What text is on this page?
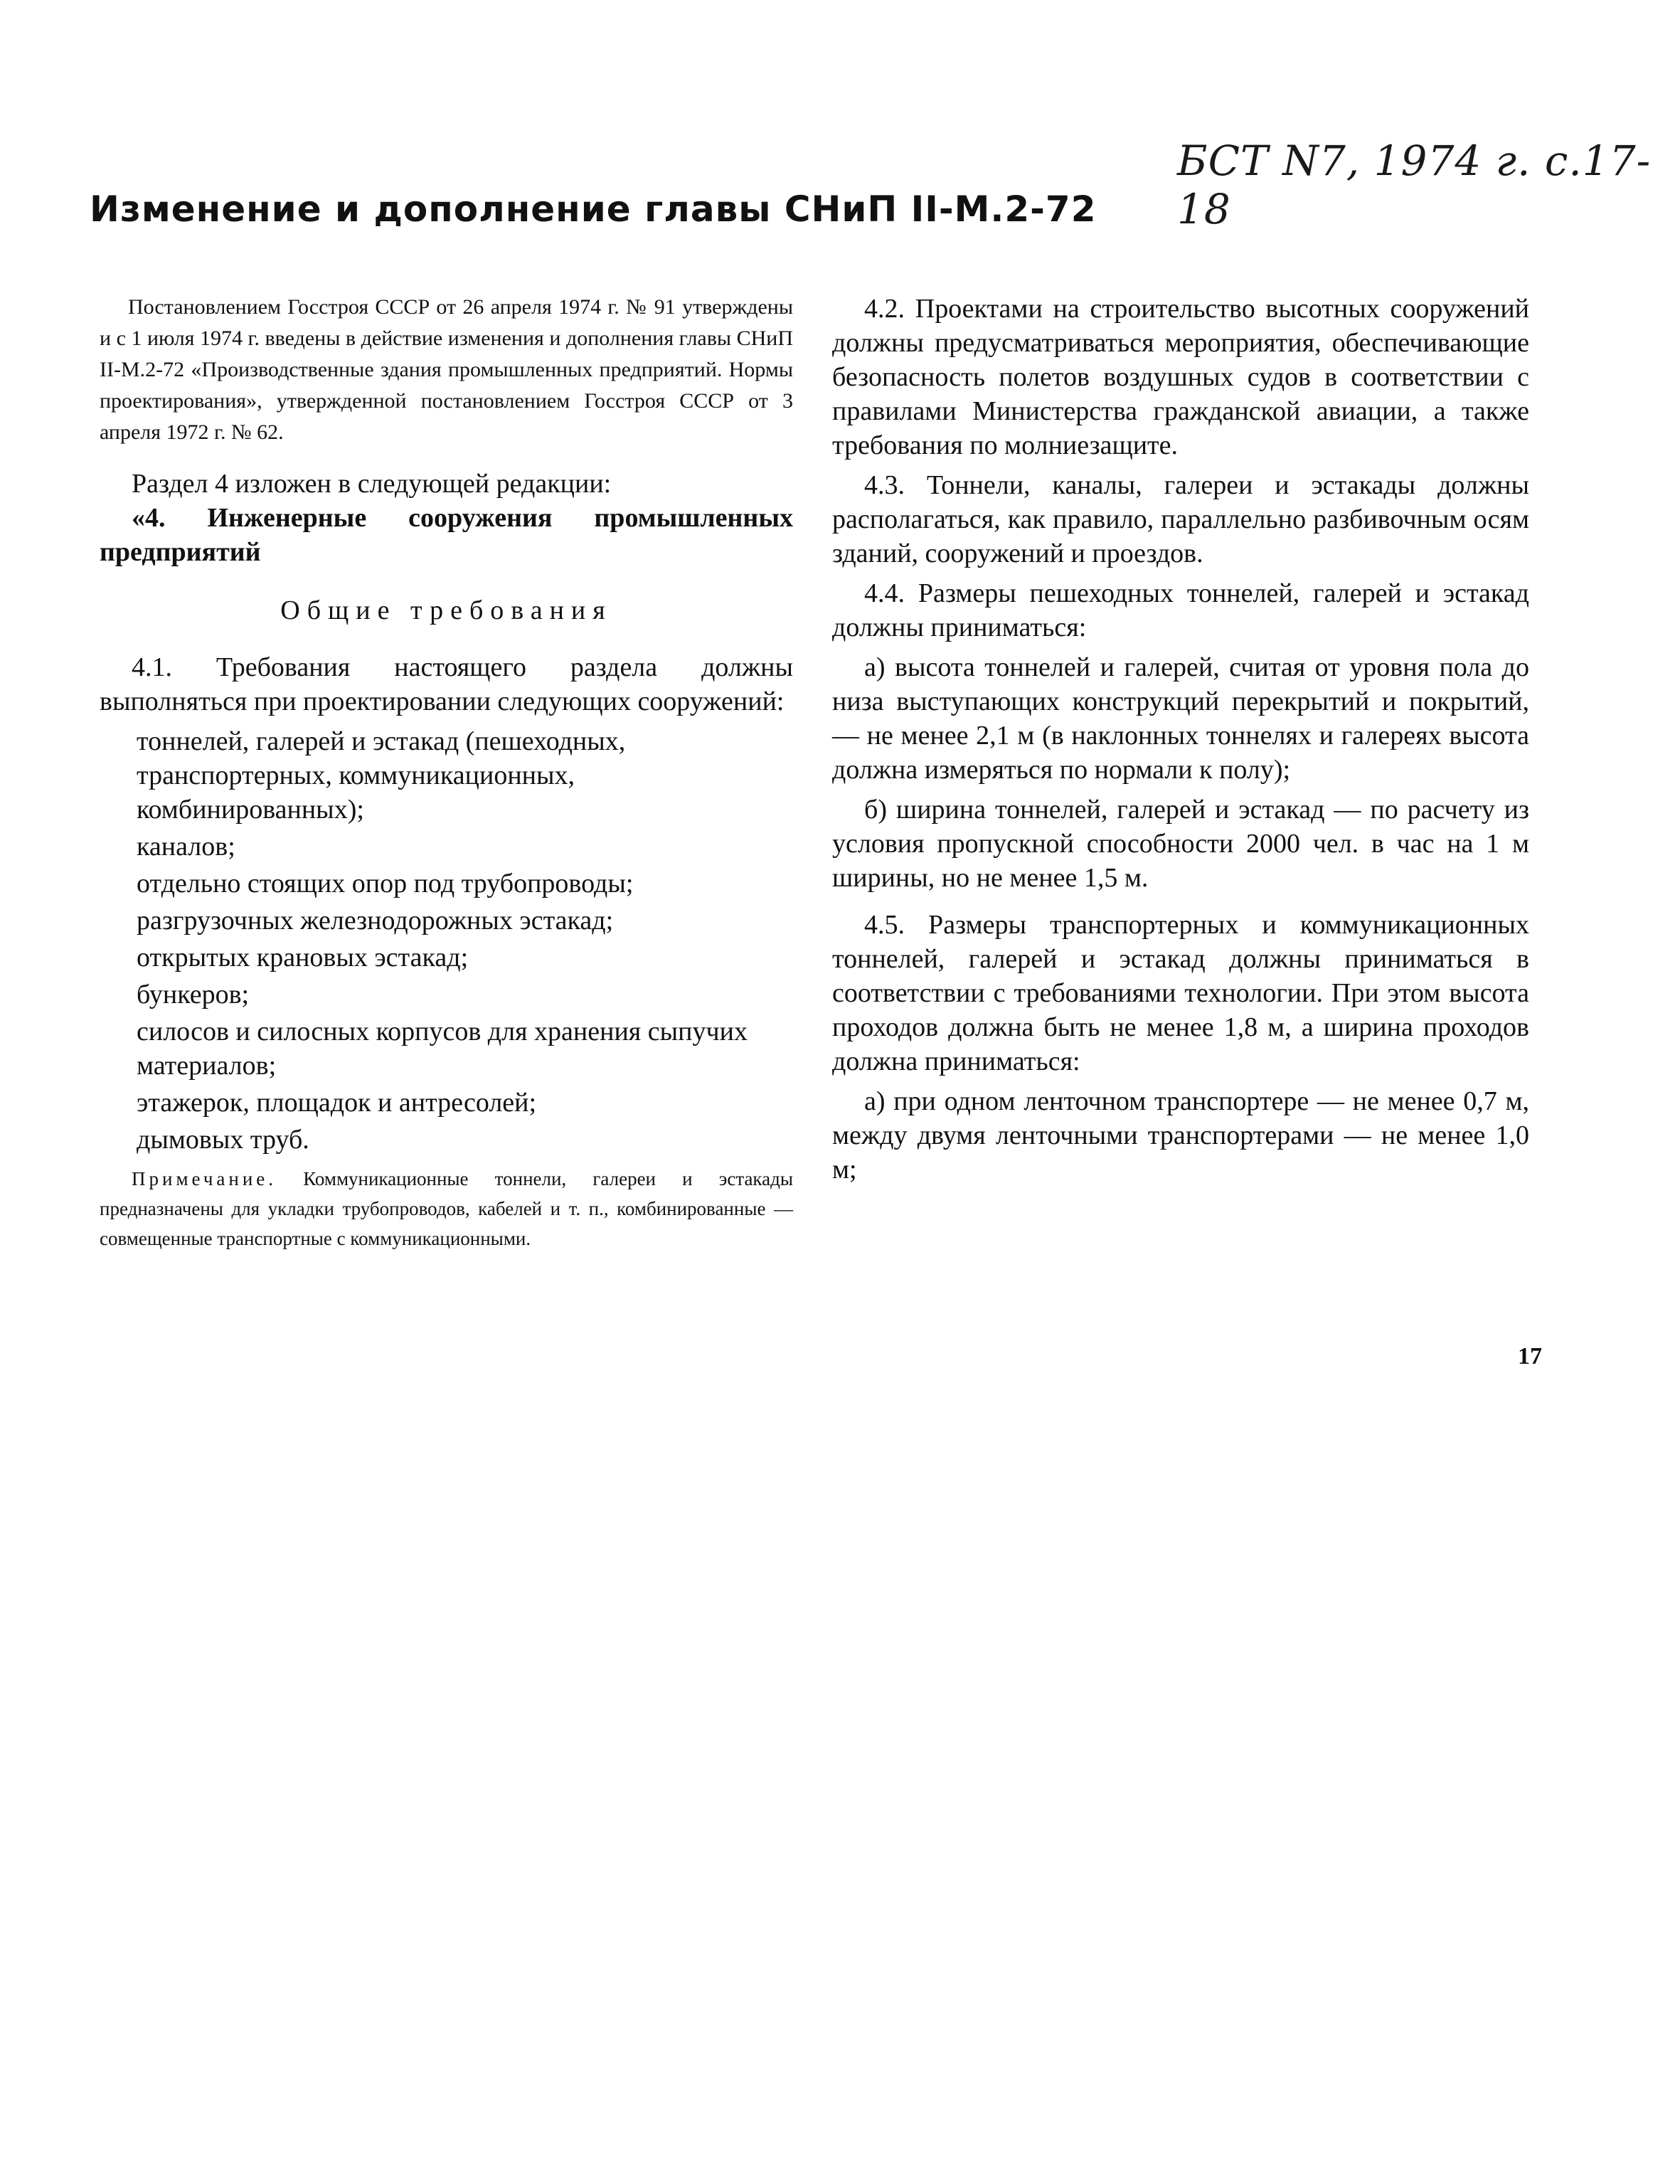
БСТ N7, 1974 г. с.17-18
Изменение и дополнение главы СНиП II-М.2-72

Постановлением Госстроя СССР от 26 апреля 1974 г. № 91 утверждены и с 1 июля 1974 г. введены в действие изменения и дополнения главы СНиП II-М.2-72 «Производственные здания промышленных предприятий. Нормы проектирования», утвержденной постановлением Госстроя СССР от 3 апреля 1972 г. № 62.

Раздел 4 изложен в следующей редакции:

«4. Инженерные сооружения промышленных предприятий

Общие требования

4.1. Требования настоящего раздела должны выполняться при проектировании следующих сооружений:

тоннелей, галерей и эстакад (пешеходных, транспортерных, коммуникационных, комбинированных);

каналов;

отдельно стоящих опор под трубопроводы;

разгрузочных железнодорожных эстакад;

открытых крановых эстакад;

бункеров;

силосов и силосных корпусов для хранения сыпучих материалов;

этажерок, площадок и антресолей;

дымовых труб.

Примечание. Коммуникационные тоннели, галереи и эстакады предназначены для укладки трубопроводов, кабелей и т. п., комбинированные — совмещенные транспортные с коммуникационными.

4.2. Проектами на строительство высотных сооружений должны предусматриваться мероприятия, обеспечивающие безопасность полетов воздушных судов в соответствии с правилами Министерства гражданской авиации, а также требования по молниезащите.

4.3. Тоннели, каналы, галереи и эстакады должны располагаться, как правило, параллельно разбивочным осям зданий, сооружений и проездов.

4.4. Размеры пешеходных тоннелей, галерей и эстакад должны приниматься:

а) высота тоннелей и галерей, считая от уровня пола до низа выступающих конструкций перекрытий и покрытий, — не менее 2,1 м (в наклонных тоннелях и галереях высота должна измеряться по нормали к полу);

б) ширина тоннелей, галерей и эстакад — по расчету из условия пропускной способности 2000 чел. в час на 1 м ширины, но не менее 1,5 м.

4.5. Размеры транспортерных и коммуникационных тоннелей, галерей и эстакад должны приниматься в соответствии с требованиями технологии. При этом высота проходов должна быть не менее 1,8 м, а ширина проходов должна приниматься:

а) при одном ленточном транспортере — не менее 0,7 м, между двумя ленточными транспортерами — не менее 1,0 м;

17
